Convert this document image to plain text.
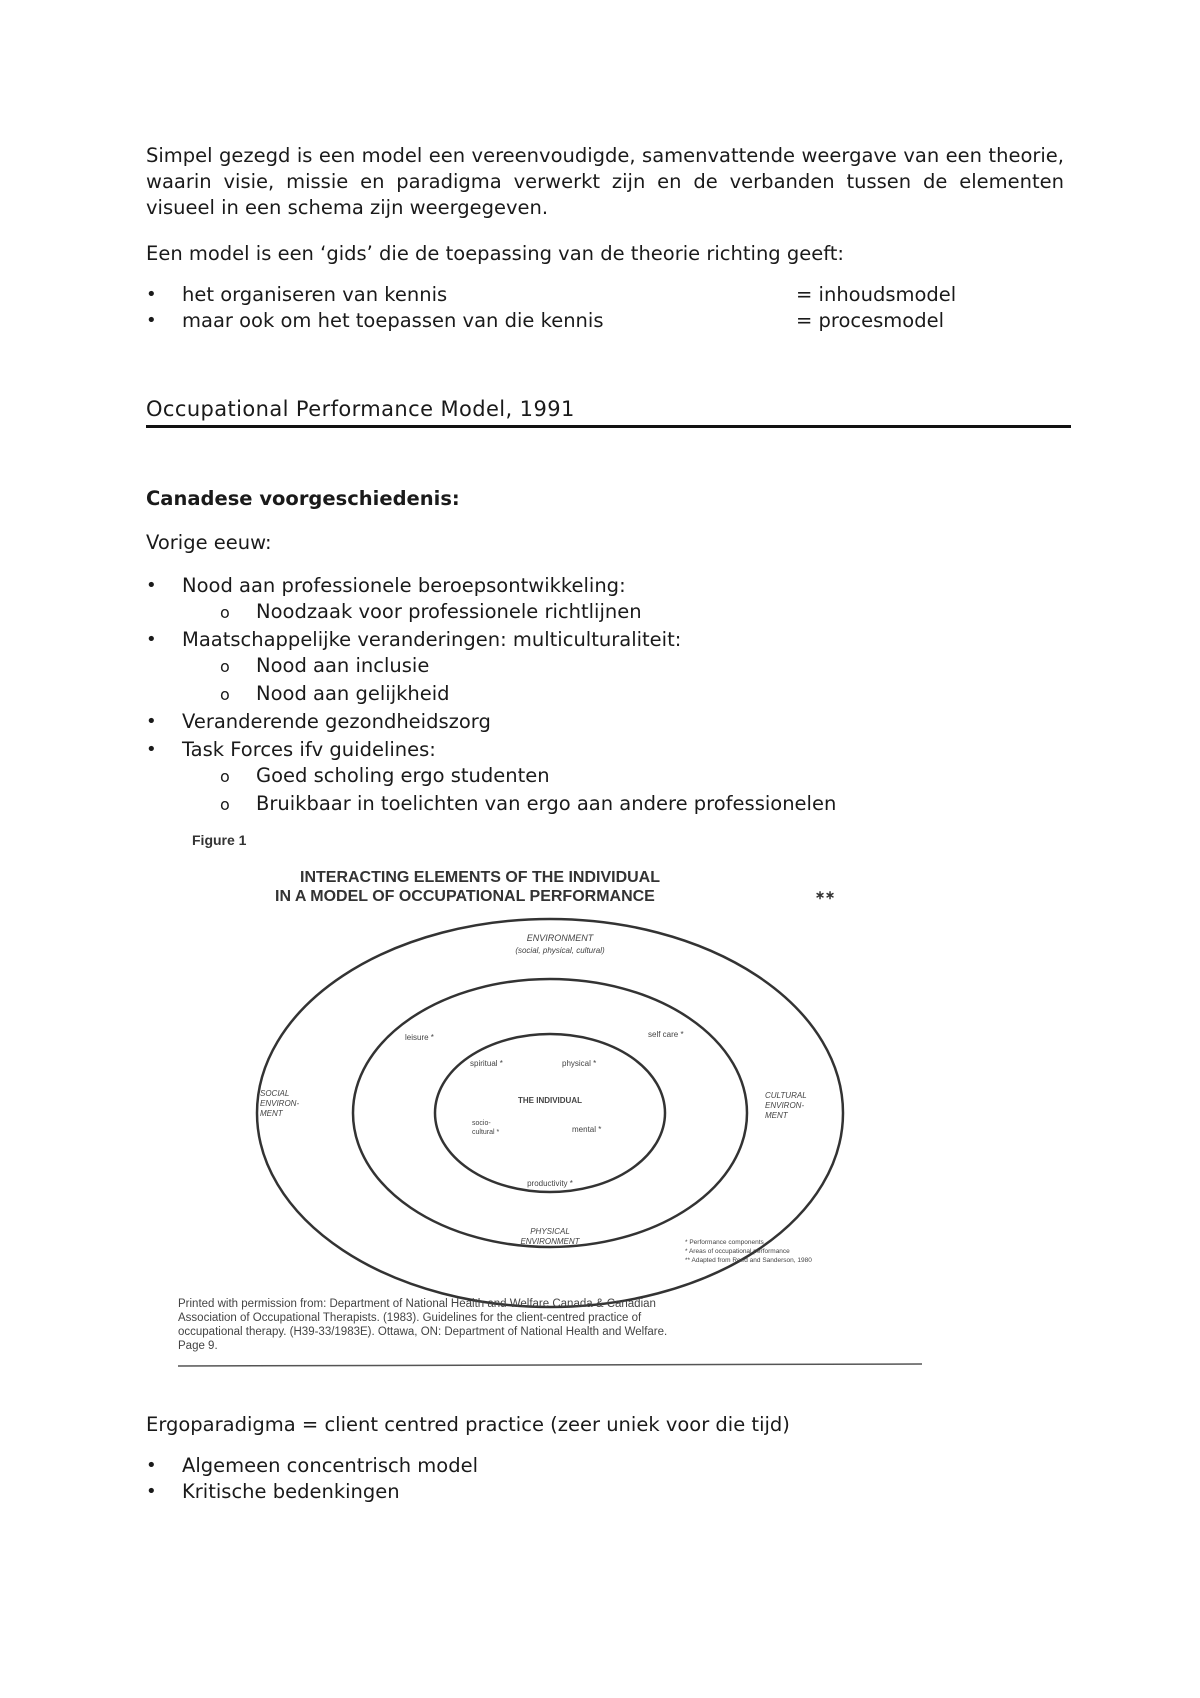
Simpel gezegd is een model een vereenvoudigde, samenvattende weergave van een theorie, waarin visie, missie en paradigma verwerkt zijn en de verbanden tussen de elementen visueel in een schema zijn weergegeven.
Een model is een ‘gids’ die de toepassing van de theorie richting geeft:
• het organiseren van kennis	= inhoudsmodel
• maar ook om het toepassen van die kennis	= procesmodel
Occupational Performance Model, 1991
Canadese voorgeschiedenis:
Vorige eeuw:
• Nood aan professionele beroepsontwikkeling:
o Noodzaak voor professionele richtlijnen
• Maatschappelijke veranderingen: multiculturaliteit:
o Nood aan inclusie
o Nood aan gelijkheid
• Veranderende gezondheidszorg
• Task Forces ifv guidelines:
o Goed scholing ergo studenten
o Bruikbaar in toelichten van ergo aan andere professionelen
Figure 1
INTERACTING ELEMENTS OF THE INDIVIDUAL
IN A MODEL OF OCCUPATIONAL PERFORMANCE	∗∗
ENVIRONMENT
(social, physical, cultural)
SOCIAL
ENVIRON-
MENT
CULTURAL
ENVIRON-
MENT
PHYSICAL
ENVIRONMENT
leisure *	self care *
productivity *
spiritual *	physical *
THE INDIVIDUAL
socio-
cultural *	mental *
* Performance components
* Areas of occupational performance
** Adapted from Reed and Sanderson, 1980
Printed with permission from: Department of National Health and Welfare Canada & Canadian
Association of Occupational Therapists. (1983). Guidelines for the client-centred practice of
occupational therapy. (H39-33/1983E). Ottawa, ON: Department of National Health and Welfare.
Page 9.
Ergoparadigma = client centred practice (zeer uniek voor die tijd)
• Algemeen concentrisch model
• Kritische bedenkingen
